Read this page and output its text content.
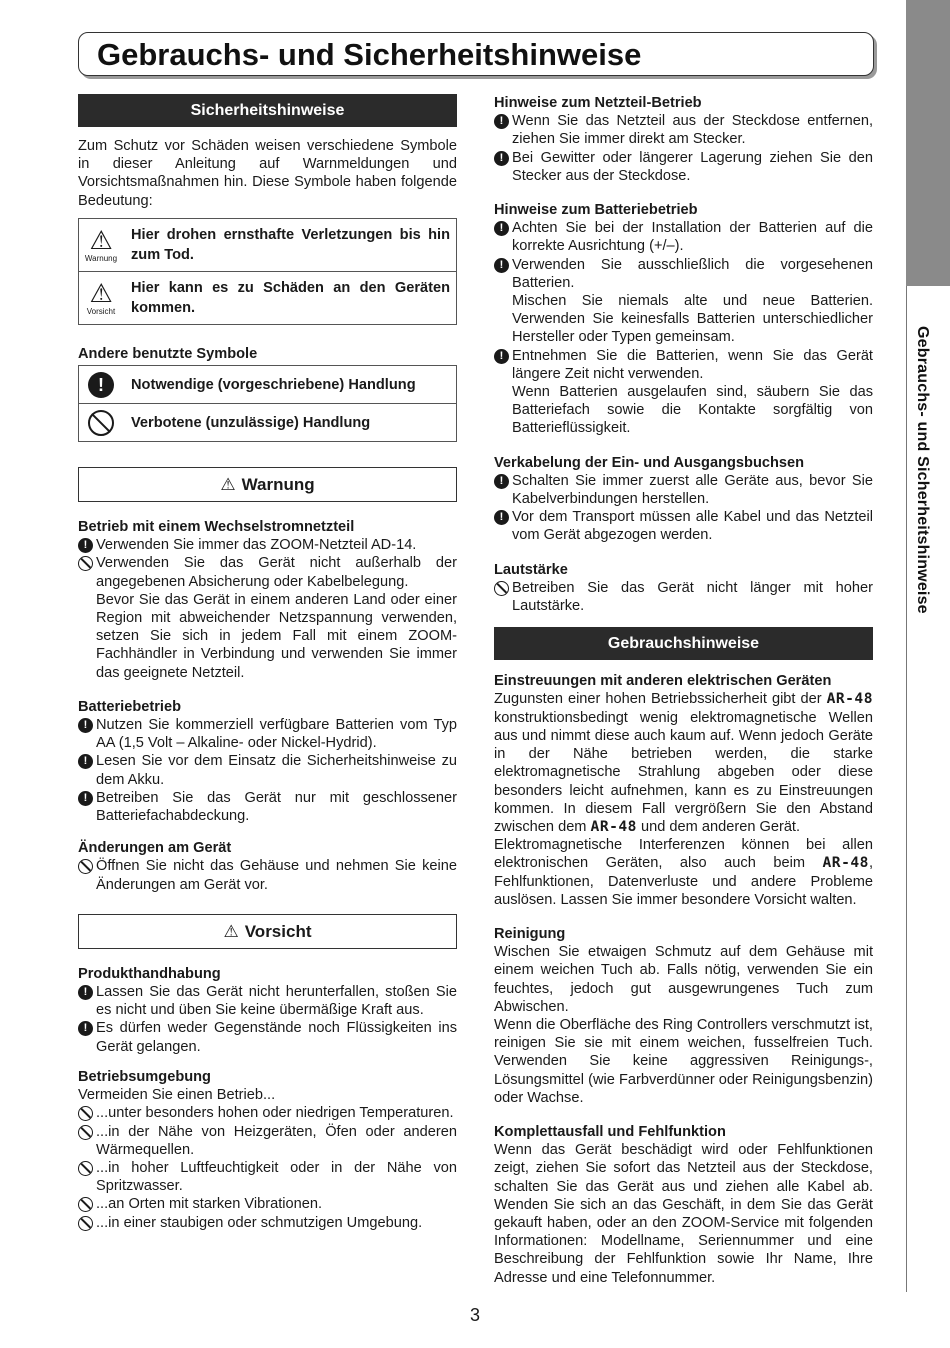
Gebrauchs- und Sicherheitshinweise
Gebrauchs- und Sicherheitshinweise
Sicherheitshinweise

Zum Schutz vor Schäden weisen verschiedene Symbole in dieser Anleitung auf Warnmeldungen und Vorsichtsmaßnahmen hin. Diese Symbole haben folgende Bedeutung:

⚠
Warnung
Hier drohen ernsthafte Verletzungen bis hin zum Tod.
⚠
Vorsicht
Hier kann es zu Schäden an den Geräten kommen.

Andere benutzte Symbole

!	Notwendige (vorgeschriebene) Handlung
Verbotene (unzulässige) Handlung
⚠ Warnung

Betrieb mit einem Wechselstromnetzteil

! Verwenden Sie immer das ZOOM-Netzteil AD-14.
Verwenden Sie das Gerät nicht außerhalb der angegebenen Absicherung oder Kabelbelegung.
Bevor Sie das Gerät in einem anderen Land oder einer Region mit abweichender Netzspannung verwenden, setzen Sie sich in jedem Fall mit einem ZOOM-Fachhändler in Verbindung und verwenden Sie immer das geeignete Netzteil.

Batteriebetrieb

! Nutzen Sie kommerziell verfügbare Batterien vom Typ AA (1,5 Volt – Alkaline- oder Nickel-Hydrid).
! Lesen Sie vor dem Einsatz die Sicherheitshinweise zu dem Akku.
! Betreiben Sie das Gerät nur mit geschlossener Batteriefachabdeckung.

Änderungen am Gerät

Öffnen Sie nicht das Gehäuse und nehmen Sie keine Änderungen am Gerät vor.
⚠ Vorsicht

Produkthandhabung

! Lassen Sie das Gerät nicht herunterfallen, stoßen Sie es nicht und üben Sie keine übermäßige Kraft aus.
! Es dürfen weder Gegenstände noch Flüssigkeiten ins Gerät gelangen.

Betriebsumgebung

Vermeiden Sie einen Betrieb...

...unter besonders hohen oder niedrigen Temperaturen.
...in der Nähe von Heizgeräten, Öfen oder anderen Wärmequellen.
...in hoher Luftfeuchtigkeit oder in der Nähe von Spritzwasser.
...an Orten mit starken Vibrationen.
...in einer staubigen oder schmutzigen Umgebung.

Hinweise zum Netzteil-Betrieb

! Wenn Sie das Netzteil aus der Steckdose entfernen, ziehen Sie immer direkt am Stecker.
! Bei Gewitter oder längerer Lagerung ziehen Sie den Stecker aus der Steckdose.

Hinweise zum Batteriebetrieb

! Achten Sie bei der Installation der Batterien auf die korrekte Ausrichtung (+/–).
! Verwenden Sie ausschließlich die vorgesehenen Batterien.
Mischen Sie niemals alte und neue Batterien. Verwenden Sie keinesfalls Batterien unterschiedlicher Hersteller oder Typen gemeinsam.
! Entnehmen Sie die Batterien, wenn Sie das Gerät längere Zeit nicht verwenden.
Wenn Batterien ausgelaufen sind, säubern Sie das Batteriefach sowie die Kontakte sorgfältig von Batterieflüssigkeit.

Verkabelung der Ein- und Ausgangsbuchsen

! Schalten Sie immer zuerst alle Geräte aus, bevor Sie Kabelverbindungen herstellen.
! Vor dem Transport müssen alle Kabel und das Netzteil vom Gerät abgezogen werden.

Lautstärke

Betreiben Sie das Gerät nicht länger mit hoher Lautstärke.
Gebrauchshinweise

Einstreuungen mit anderen elektrischen Geräten

Zugunsten einer hohen Betriebssicherheit gibt der AR-48 konstruktionsbedingt wenig elektromagnetische Wellen aus und nimmt diese auch kaum auf. Wenn jedoch Geräte in der Nähe betrieben werden, die starke elektromagnetische Strahlung abgeben oder diese besonders leicht aufnehmen, kann es zu Einstreuungen kommen. In diesem Fall vergrößern Sie den Abstand zwischen dem AR-48 und dem anderen Gerät.

Elektromagnetische Interferenzen können bei allen elektronischen Geräten, also auch beim AR-48, Fehlfunktionen, Datenverluste und andere Probleme auslösen. Lassen Sie immer besondere Vorsicht walten.

Reinigung

Wischen Sie etwaigen Schmutz auf dem Gehäuse mit einem weichen Tuch ab. Falls nötig, verwenden Sie ein feuchtes, jedoch gut ausgewrungenes Tuch zum Abwischen.

Wenn die Oberfläche des Ring Controllers verschmutzt ist, reinigen Sie sie mit einem weichen, fusselfreien Tuch. Verwenden Sie keine aggressiven Reinigungs-, Lösungsmittel (wie Farbverdünner oder Reinigungsbenzin) oder Wachse.

Komplettausfall und Fehlfunktion

Wenn das Gerät beschädigt wird oder Fehlfunktionen zeigt, ziehen Sie sofort das Netzteil aus der Steckdose, schalten Sie das Gerät aus und ziehen alle Kabel ab. Wenden Sie sich an das Geschäft, in dem Sie das Gerät gekauft haben, oder an den ZOOM-Service mit folgenden Informationen: Modellname, Seriennummer und eine Beschreibung der Fehlfunktion sowie Ihr Name, Ihre Adresse und eine Telefonnummer.

3
